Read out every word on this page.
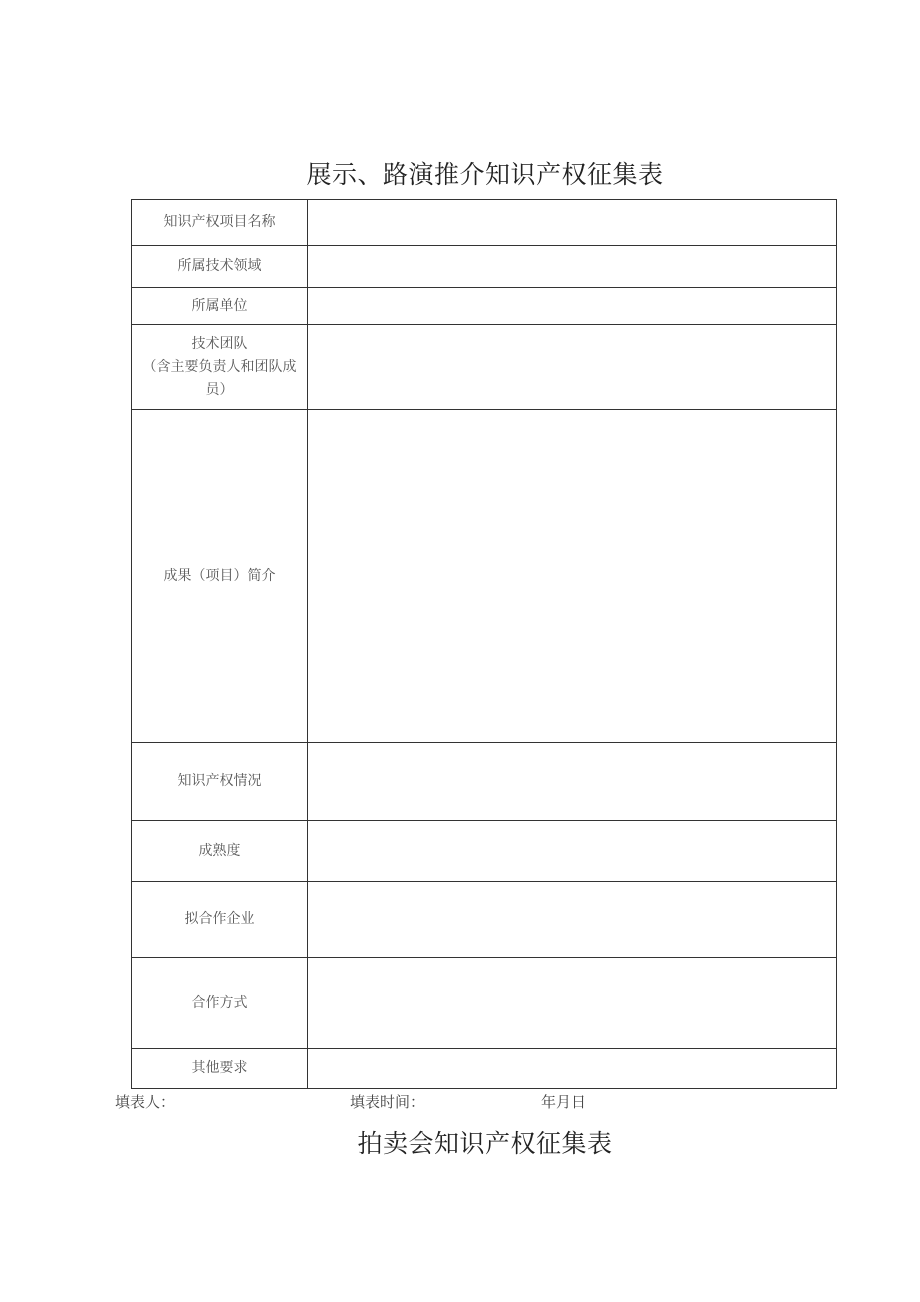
展示、路演推介知识产权征集表
知识产权项目名称	

所属技术领域	

所属单位	

技术团队
（含主要负责人和团队成员）	

成果（项目）简介	

知识产权情况	

成熟度	

拟合作企业	

合作方式	

其他要求	

填表人：	填表时间：	年月日
拍卖会知识产权征集表
